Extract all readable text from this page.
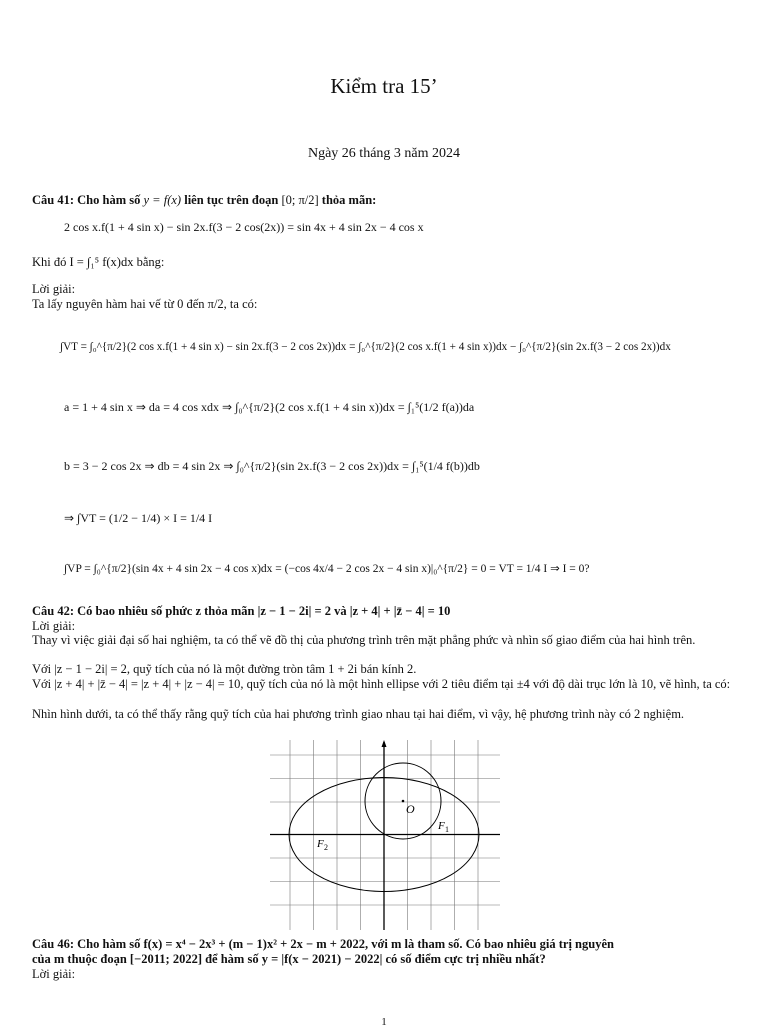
Kiểm tra 15’
Ngày 26 tháng 3 năm 2024
Câu 41: Cho hàm số y = f(x) liên tục trên đoạn [0; π/2] thỏa mãn:
2 cos x.f(1 + 4 sin x) − sin 2x.f(3 − 2 cos(2x)) = sin 4x + 4 sin 2x − 4 cos x
Khi đó I = ∫₁⁵ f(x)dx bằng:
Lời giải:
Ta lấy nguyên hàm hai vế từ 0 đến π/2, ta có:
∫VT = ∫₀^{π/2}(2 cos x.f(1 + 4 sin x) − sin 2x.f(3 − 2 cos 2x))dx = ∫₀^{π/2}(2 cos x.f(1 + 4 sin x))dx − ∫₀^{π/2}(sin 2x.f(3 − 2 cos 2x))dx
a = 1 + 4 sin x ⇒ da = 4 cos xdx ⇒ ∫₀^{π/2}(2 cos x.f(1 + 4 sin x))dx = ∫₁⁵(1/2 f(a))da
b = 3 − 2 cos 2x ⇒ db = 4 sin 2x ⇒ ∫₀^{π/2}(sin 2x.f(3 − 2 cos 2x))dx = ∫₁⁵(1/4 f(b))db
⇒ ∫VT = (1/2 − 1/4) × I = 1/4 I
∫VP = ∫₀^{π/2}(sin 4x + 4 sin 2x − 4 cos x)dx = (−cos 4x/4 − 2 cos 2x − 4 sin x)|₀^{π/2} = 0 = VT = 1/4 I ⇒ I = 0?
Câu 42: Có bao nhiêu số phức z thỏa mãn |z − 1 − 2i| = 2 và |z + 4| + |z̄ − 4| = 10
Lời giải:
Thay vì việc giải đại số hai nghiệm, ta có thể vẽ đồ thị của phương trình trên mặt phẳng phức và nhìn số giao điểm của hai hình trên.
Với |z − 1 − 2i| = 2, quỹ tích của nó là một đường tròn tâm 1 + 2i bán kính 2.
Với |z + 4| + |z̄ − 4| = |z + 4| + |z − 4| = 10, quỹ tích của nó là một hình ellipse với 2 tiêu điểm tại ±4 với độ dài trục lớn là 10, vẽ hình, ta có:
Nhìn hình dưới, ta có thể thấy rằng quỹ tích của hai phương trình giao nhau tại hai điểm, vì vậy, hệ phương trình này có 2 nghiệm.
O
F 1
F 2
Câu 46: Cho hàm số f(x) = x⁴ − 2x³ + (m − 1)x² + 2x − m + 2022, với m là tham số. Có bao nhiêu giá trị nguyên
của m thuộc đoạn [−2011; 2022] để hàm số y = |f(x − 2021) − 2022| có số điểm cực trị nhiều nhất?
Lời giải:
1
